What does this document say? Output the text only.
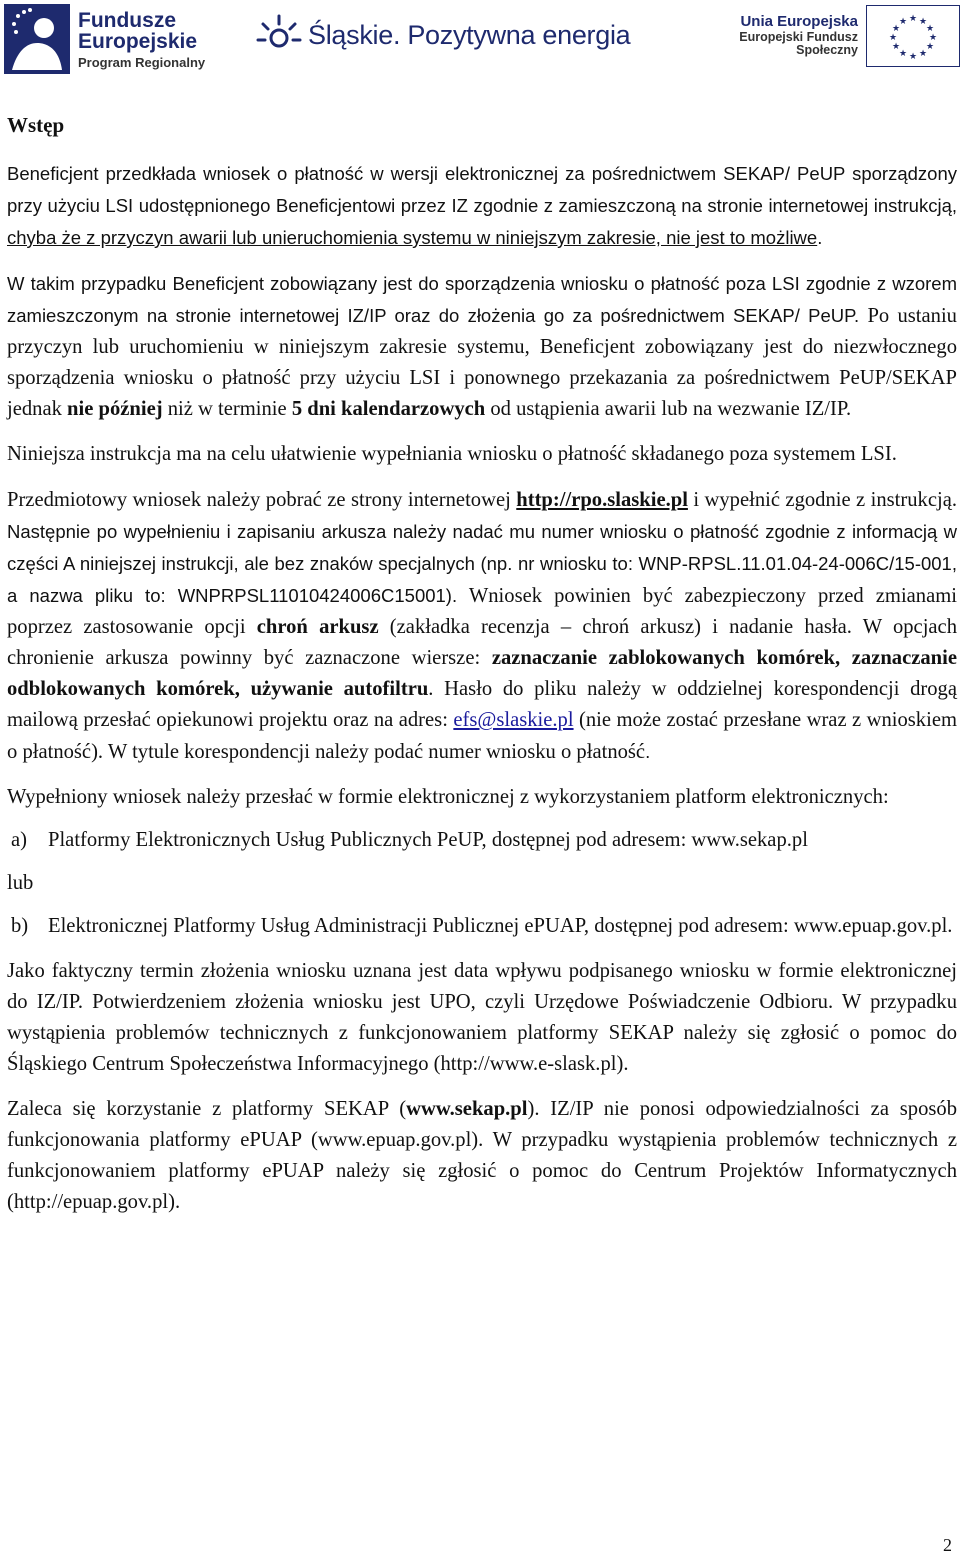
Fundusze
Europejskie
Program Regionalny
Śląskie. Pozytywna energia	Unia Europejska
Europejski Fundusz Społeczny
★ ★
★
★
★
★
★
★
★
★
★
★
Wstęp

Beneficjent przedkłada wniosek o płatność w wersji elektronicznej za pośrednictwem SEKAP/ PeUP sporządzony przy użyciu LSI udostępnionego Beneficjentowi przez IZ zgodnie z zamieszczoną na stronie internetowej instrukcją, chyba że z przyczyn awarii lub unieruchomienia systemu w niniejszym zakresie, nie jest to możliwe.

W takim przypadku Beneficjent zobowiązany jest do sporządzenia wniosku o płatność poza LSI zgodnie z wzorem zamieszczonym na stronie internetowej IZ/IP oraz do złożenia go za pośrednictwem SEKAP/ PeUP. Po ustaniu przyczyn lub uruchomieniu w niniejszym zakresie systemu, Beneficjent zobowiązany jest do niezwłocznego sporządzenia wniosku o płatność przy użyciu LSI i ponownego przekazania za pośrednictwem PeUP/SEKAP jednak nie później niż w terminie 5 dni kalendarzowych od ustąpienia awarii lub na wezwanie IZ/IP.

Niniejsza instrukcja ma na celu ułatwienie wypełniania wniosku o płatność składanego poza systemem LSI.

Przedmiotowy wniosek należy pobrać ze strony internetowej http://rpo.slaskie.pl i wypełnić zgodnie z instrukcją. Następnie po wypełnieniu i zapisaniu arkusza należy nadać mu numer wniosku o płatność zgodnie z informacją w części A niniejszej instrukcji, ale bez znaków specjalnych (np. nr wniosku to: WNP-RPSL.11.01.04-24-006C/15-001, a nazwa pliku to: WNPRPSL11010424006C15001). Wniosek powinien być zabezpieczony przed zmianami poprzez zastosowanie opcji chroń arkusz (zakładka recenzja – chroń arkusz) i nadanie hasła. W opcjach chronienie arkusza powinny być zaznaczone wiersze: zaznaczanie zablokowanych komórek, zaznaczanie odblokowanych komórek, używanie autofiltru. Hasło do pliku należy w oddzielnej korespondencji drogą mailową przesłać opiekunowi projektu oraz na adres: efs@slaskie.pl (nie może zostać przesłane wraz z wnioskiem o płatność). W tytule korespondencji należy podać numer wniosku o płatność.

Wypełniony wniosek należy przesłać w formie elektronicznej z wykorzystaniem platform elektronicznych:

a)	Platformy Elektronicznych Usług Publicznych PeUP, dostępnej pod adresem: www.sekap.pl

lub

b) Elektronicznej Platformy Usług Administracji Publicznej ePUAP, dostępnej pod adresem: www.epuap.gov.pl.

Jako faktyczny termin złożenia wniosku uznana jest data wpływu podpisanego wniosku w formie elektronicznej do IZ/IP. Potwierdzeniem złożenia wniosku jest UPO, czyli Urzędowe Poświadczenie Odbioru. W przypadku wystąpienia problemów technicznych z funkcjonowaniem platformy SEKAP należy się zgłosić o pomoc do Śląskiego Centrum Społeczeństwa Informacyjnego (http://www.e-slask.pl).

Zaleca się korzystanie z platformy SEKAP (www.sekap.pl). IZ/IP nie ponosi odpowiedzialności za sposób funkcjonowania platformy ePUAP (www.epuap.gov.pl). W przypadku wystąpienia problemów technicznych z funkcjonowaniem platformy ePUAP należy się zgłosić o pomoc do Centrum Projektów Informatycznych (http://epuap.gov.pl).

2
